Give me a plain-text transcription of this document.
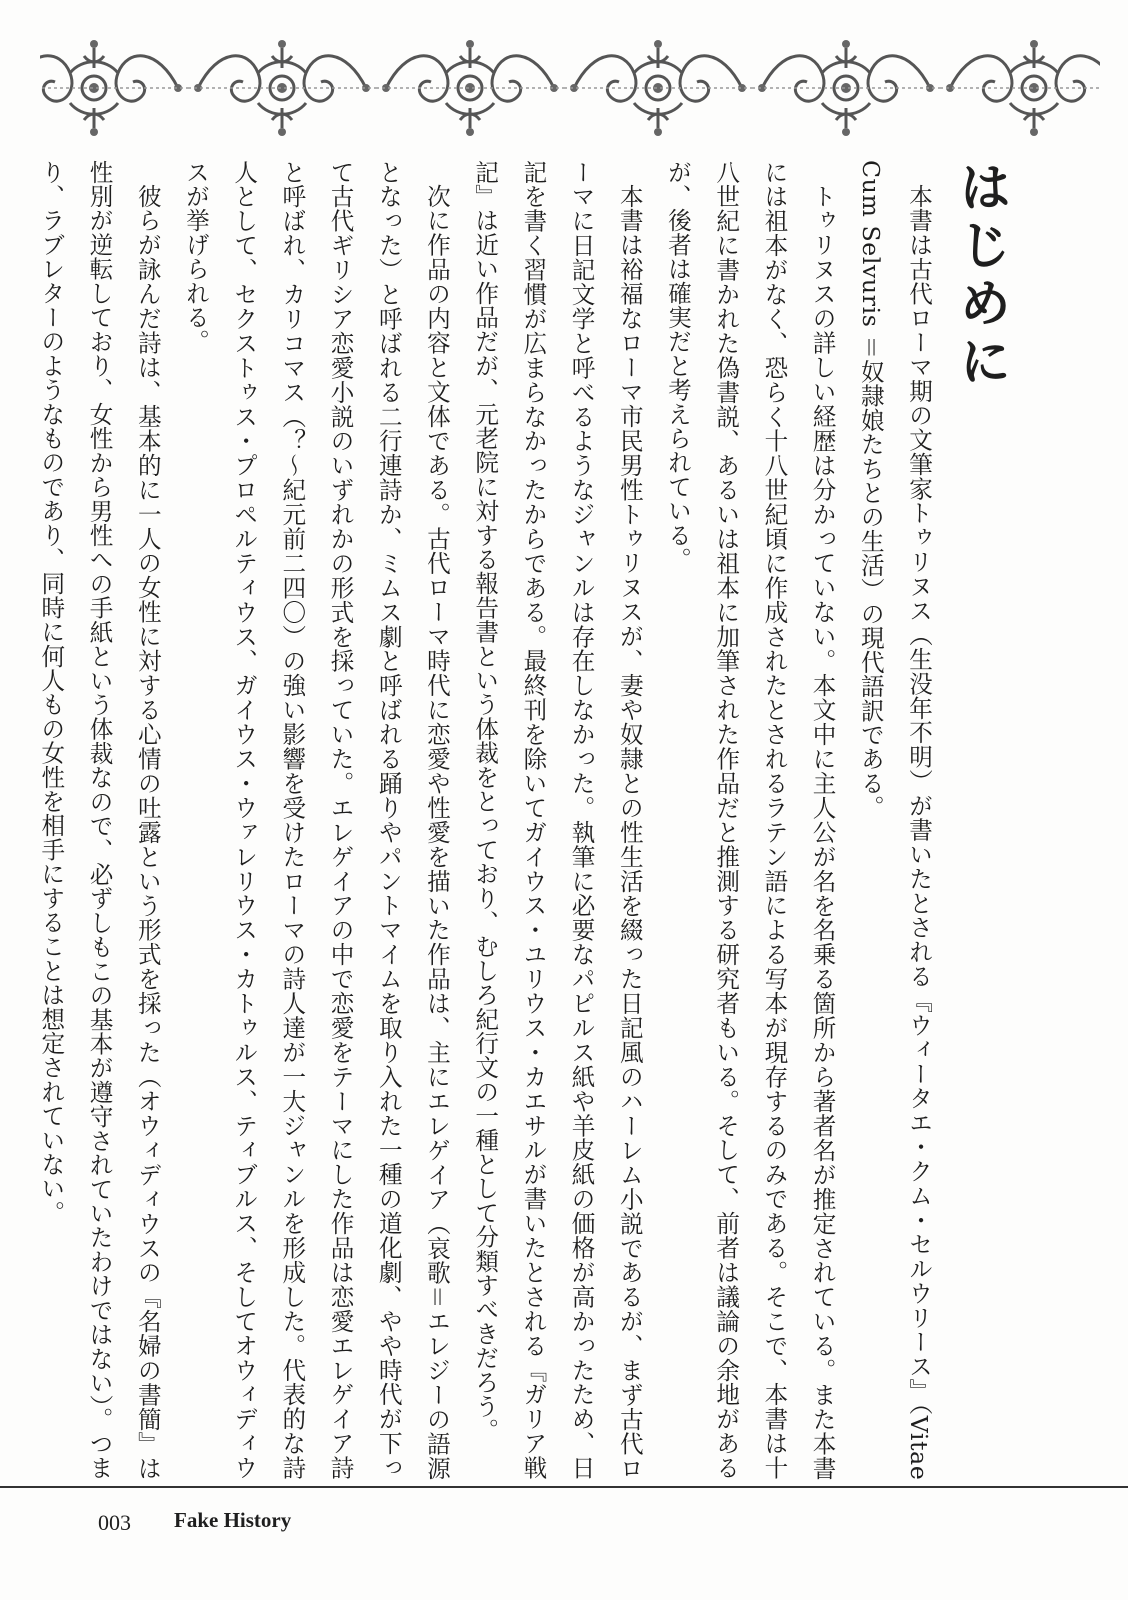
はじめに

本書は古代ローマ期の文筆家トゥリヌス（生没年不明）が書いたとされる『ウィータエ・クム・セルウリース』（Vitae Cum Selvuris ＝奴隷娘たちとの生活）の現代語訳である。

トゥリヌスの詳しい経歴は分かっていない。本文中に主人公が名を名乗る箇所から著者名が推定されている。また本書には祖本がなく、恐らく十八世紀頃に作成されたとされるラテン語による写本が現存するのみである。そこで、本書は十八世紀に書かれた偽書説、あるいは祖本に加筆された作品だと推測する研究者もいる。そして、前者は議論の余地があるが、後者は確実だと考えられている。

本書は裕福なローマ市民男性トゥリヌスが、妻や奴隷との性生活を綴った日記風のハーレム小説であるが、まず古代ローマに日記文学と呼べるようなジャンルは存在しなかった。執筆に必要なパピルス紙や羊皮紙の価格が高かったため、日記を書く習慣が広まらなかったからである。最終刊を除いてガイウス・ユリウス・カエサルが書いたとされる『ガリア戦記』は近い作品だが、元老院に対する報告書という体裁をとっており、むしろ紀行文の一種として分類すべきだろう。

次に作品の内容と文体である。古代ローマ時代に恋愛や性愛を描いた作品は、主にエレゲイア（哀歌＝エレジーの語源となった）と呼ばれる二行連詩か、ミムス劇と呼ばれる踊りやパントマイムを取り入れた一種の道化劇、やや時代が下って古代ギリシア恋愛小説のいずれかの形式を採っていた。エレゲイアの中で恋愛をテーマにした作品は恋愛エレゲイア詩と呼ばれ、カリコマス（？～紀元前二四〇）の強い影響を受けたローマの詩人達が一大ジャンルを形成した。代表的な詩人として、セクストゥス・プロペルティウス、ガイウス・ウァレリウス・カトゥルス、ティブルス、そしてオウィディウスが挙げられる。

彼らが詠んだ詩は、基本的に一人の女性に対する心情の吐露という形式を採った（オウィディウスの『名婦の書簡』は性別が逆転しており、女性から男性への手紙という体裁なので、必ずしもこの基本が遵守されていたわけではない）。つまり、ラブレターのようなものであり、同時に何人もの女性を相手にすることは想定されていない。

003 Fake History
